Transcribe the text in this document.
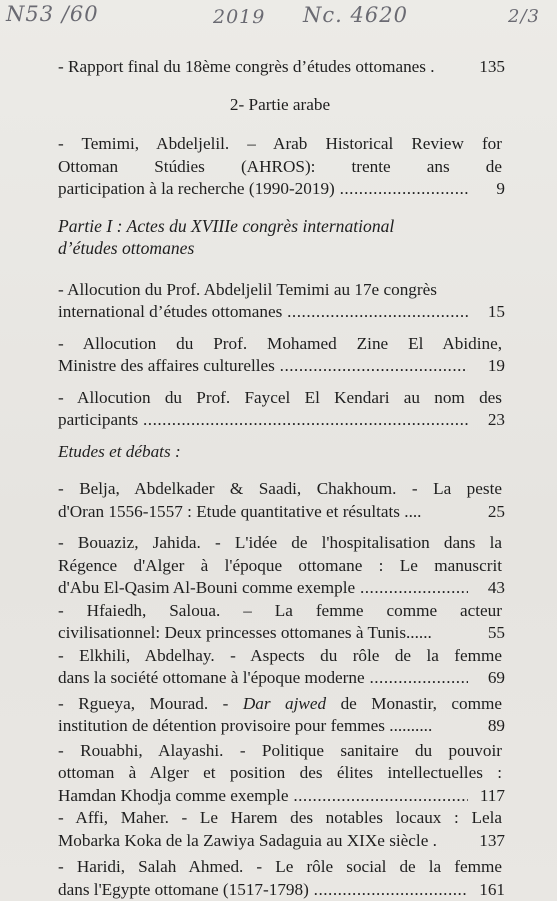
N53 /60	2019 Nc. 4620	2/3
- Rapport final du 18ème congrès d’études ottomanes .	135
2- Partie arabe
- Temimi, Abdeljelil. – Arab Historical Review for
Ottoman Stúdies (AHROS): trente ans de
participation à la recherche (1990-2019) .....	9
Partie I : Actes du XVIIIe congrès international
d’études ottomanes
- Allocution du Prof. Abdeljelil Temimi au 17e congrès
international d’études ottomanes .....	15
- Allocution du Prof. Mohamed Zine El Abidine,
Ministre des affaires culturelles .....	19
- Allocution du Prof. Faycel El Kendari au nom des
participants .....	23
Etudes et débats :
- Belja, Abdelkader & Saadi, Chakhoum. - La peste
d'Oran 1556-1557 : Etude quantitative et résultats ....	25
- Bouaziz, Jahida. - L'idée de l'hospitalisation dans la
Régence d'Alger à l'époque ottomane : Le manuscrit
d'Abu El-Qasim Al-Bouni comme exemple .....	43
- Hfaiedh, Saloua. – La femme comme acteur
civilisationnel: Deux princesses ottomanes à Tunis......	55
- Elkhili, Abdelhay. - Aspects du rôle de la femme
dans la société ottomane à l'époque moderne .....	69
- Rgueya, Mourad. - Dar ajwed de Monastir, comme
institution de détention provisoire pour femmes ..........	89
- Rouabhi, Alayashi. - Politique sanitaire du pouvoir
ottoman à Alger et position des élites intellectuelles :
Hamdan Khodja comme exemple .....	117
- Affi, Maher. - Le Harem des notables locaux : Lela
Mobarka Koka de la Zawiya Sadaguia au XIXe siècle .	137
- Haridi, Salah Ahmed. - Le rôle social de la femme
dans l'Egypte ottomane (1517-1798) .....	161
